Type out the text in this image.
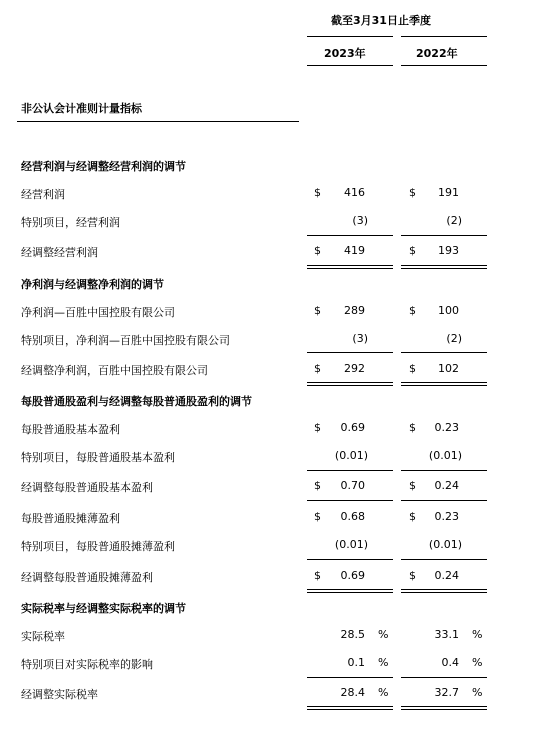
截至3月31日止季度
2023年	2022年
非公认会计准则计量指标
经营利润与经调整经营利润的调节
经营利润	$	416	$	191
特别项目，经营利润	(3)	(2)
经调整经营利润	$	419	$	193
净利润与经调整净利润的调节
净利润—百胜中国控股有限公司	$	289	$	100
特别项目，净利润—百胜中国控股有限公司	(3)	(2)
经调整净利润，百胜中国控股有限公司	$	292	$	102
每股普通股盈利与经调整每股普通股盈利的调节
每股普通股基本盈利	$	0.69	$	0.23
特别项目，每股普通股基本盈利	(0.01)	(0.01)
经调整每股普通股基本盈利	$	0.70	$	0.24
每股普通股摊薄盈利	$	0.68	$	0.23
特别项目，每股普通股摊薄盈利	(0.01)	(0.01)
经调整每股普通股摊薄盈利	$	0.69	$	0.24
实际税率与经调整实际税率的调节
实际税率	28.5 %	33.1 %
特别项目对实际税率的影响	0.1 %	0.4 %
经调整实际税率	28.4 %	32.7 %
